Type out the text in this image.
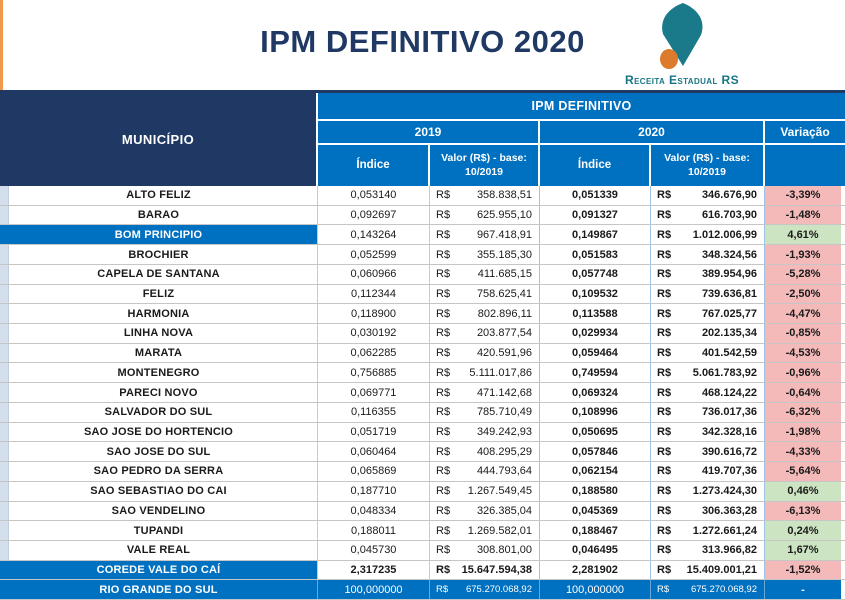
IPM DEFINITIVO 2020
Receita Estadual RS
MUNICÍPIO
IPM DEFINITIVO
2019	2020	Variação
Índice
Valor (R$) - base: 10/2019
Índice
Valor (R$) - base: 10/2019
ALTO FELIZ	0,053140	R$ 358.838,51	0,051339	R$	346.676,90	-3,39%
BARAO	0,092697	R$ 625.955,10	0,091327	R$	616.703,90	-1,48%
BOM PRINCIPIO	0,143264	R$ 967.418,91	0,149867	R$ 1.012.006,99	4,61%
BROCHIER	0,052599	R$ 355.185,30	0,051583	R$	348.324,56	-1,93%
CAPELA DE SANTANA	0,060966	R$	411.685,15	0,057748	R$	389.954,96	-5,28%
FELIZ	0,112344	R$ 758.625,41	0,109532	R$	739.636,81	-2,50%
HARMONIA	0,118900	R$	802.896,11	0,113588	R$	767.025,77	-4,47%
LINHA NOVA	0,030192	R$ 203.877,54	0,029934	R$	202.135,34	-0,85%
MARATA	0,062285	R$ 420.591,96	0,059464	R$	401.542,59	-4,53%
MONTENEGRO	0,756885	R$ 5.111.017,86	0,749594	R$ 5.061.783,92	-0,96%
PARECI NOVO	0,069771	R$ 471.142,68	0,069324	R$	468.124,22	-0,64%
SALVADOR DO SUL	0,116355	R$ 785.710,49	0,108996	R$	736.017,36	-6,32%
SAO JOSE DO HORTENCIO	0,051719	R$ 349.242,93	0,050695	R$	342.328,16	-1,98%
SAO JOSE DO SUL	0,060464	R$ 408.295,29	0,057846	R$	390.616,72	-4,33%
SAO PEDRO DA SERRA	0,065869	R$ 444.793,64	0,062154	R$	419.707,36	-5,64%
SAO SEBASTIAO DO CAI	0,187710	R$ 1.267.549,45	0,188580	R$ 1.273.424,30	0,46%
SAO VENDELINO	0,048334	R$ 326.385,04	0,045369	R$	306.363,28	-6,13%
TUPANDI	0,188011	R$ 1.269.582,01	0,188467	R$ 1.272.661,24	0,24%
VALE REAL	0,045730	R$ 308.801,00	0,046495	R$	313.966,82	1,67%
COREDE VALE DO CAÍ	2,317235	R$ 15.647.594,38	2,281902	R$ 15.409.001,21	-1,52%
RIO GRANDE DO SUL	100,000000	R$ 675.270.068,92	100,000000	R$ 675.270.068,92	-
